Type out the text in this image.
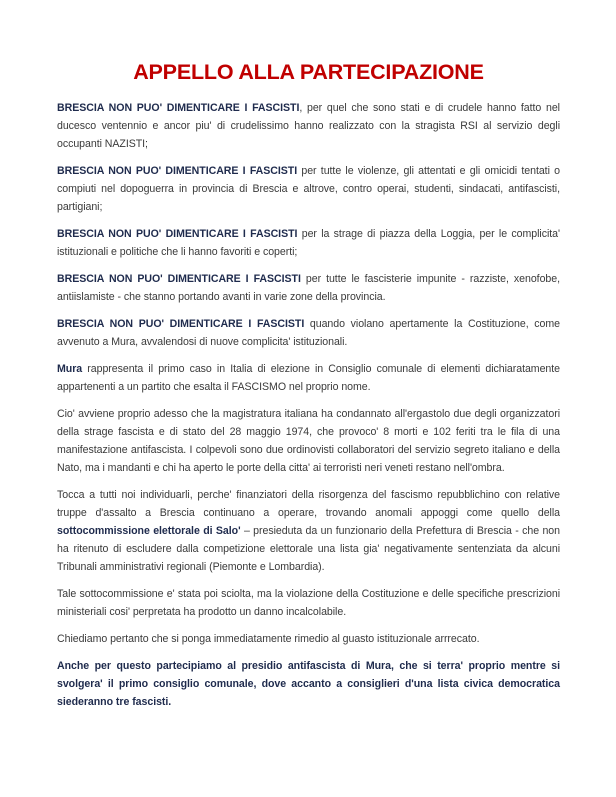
APPELLO ALLA PARTECIPAZIONE

BRESCIA NON PUO' DIMENTICARE I FASCISTI, per quel che sono stati e di crudele hanno fatto nel ducesco ventennio e ancor piu' di crudelissimo hanno realizzato con la stragista RSI al servizio degli occupanti NAZISTI;

BRESCIA NON PUO' DIMENTICARE I FASCISTI per tutte le violenze, gli attentati e gli omicidi tentati o compiuti nel dopoguerra in provincia di Brescia e altrove, contro operai, studenti, sindacati, antifascisti, partigiani;

BRESCIA NON PUO' DIMENTICARE I FASCISTI per la strage di piazza della Loggia, per le complicita' istituzionali e politiche che li hanno favoriti e coperti;

BRESCIA NON PUO' DIMENTICARE I FASCISTI per tutte le fascisterie impunite - razziste, xenofobe, antiislamiste - che stanno portando avanti in varie zone della provincia.

BRESCIA NON PUO' DIMENTICARE I FASCISTI quando violano apertamente la Costituzione, come avvenuto a Mura, avvalendosi di nuove complicita' istituzionali.

Mura rappresenta il primo caso in Italia di elezione in Consiglio comunale di elementi dichiaratamente appartenenti a un partito che esalta il FASCISMO nel proprio nome.

Cio' avviene proprio adesso che la magistratura italiana ha condannato all'ergastolo due degli organizzatori della strage fascista e di stato del 28 maggio 1974, che provoco' 8 morti e 102 feriti tra le fila di una manifestazione antifascista. I colpevoli sono due ordinovisti collaboratori del servizio segreto italiano e della Nato, ma i mandanti e chi ha aperto le porte della citta' ai terroristi neri veneti restano nell'ombra.

Tocca a tutti noi individuarli, perche' finanziatori della risorgenza del fascismo repubblichino con relative truppe d'assalto a Brescia continuano a operare, trovando anomali appoggi come quello della sottocommissione elettorale di Salo' – presieduta da un funzionario della Prefettura di Brescia - che non ha ritenuto di escludere dalla competizione elettorale una lista gia' negativamente sentenziata da alcuni Tribunali amministrativi regionali (Piemonte e Lombardia).

Tale sottocommissione e' stata poi sciolta, ma la violazione della Costituzione e delle specifiche prescrizioni ministeriali cosi' perpretata ha prodotto un danno incalcolabile.

Chiediamo pertanto che si ponga immediatamente rimedio al guasto istituzionale arrrecato.

Anche per questo partecipiamo al presidio antifascista di Mura, che si terra' proprio mentre si svolgera' il primo consiglio comunale, dove accanto a consiglieri d'una lista civica democratica siederanno tre fascisti.
